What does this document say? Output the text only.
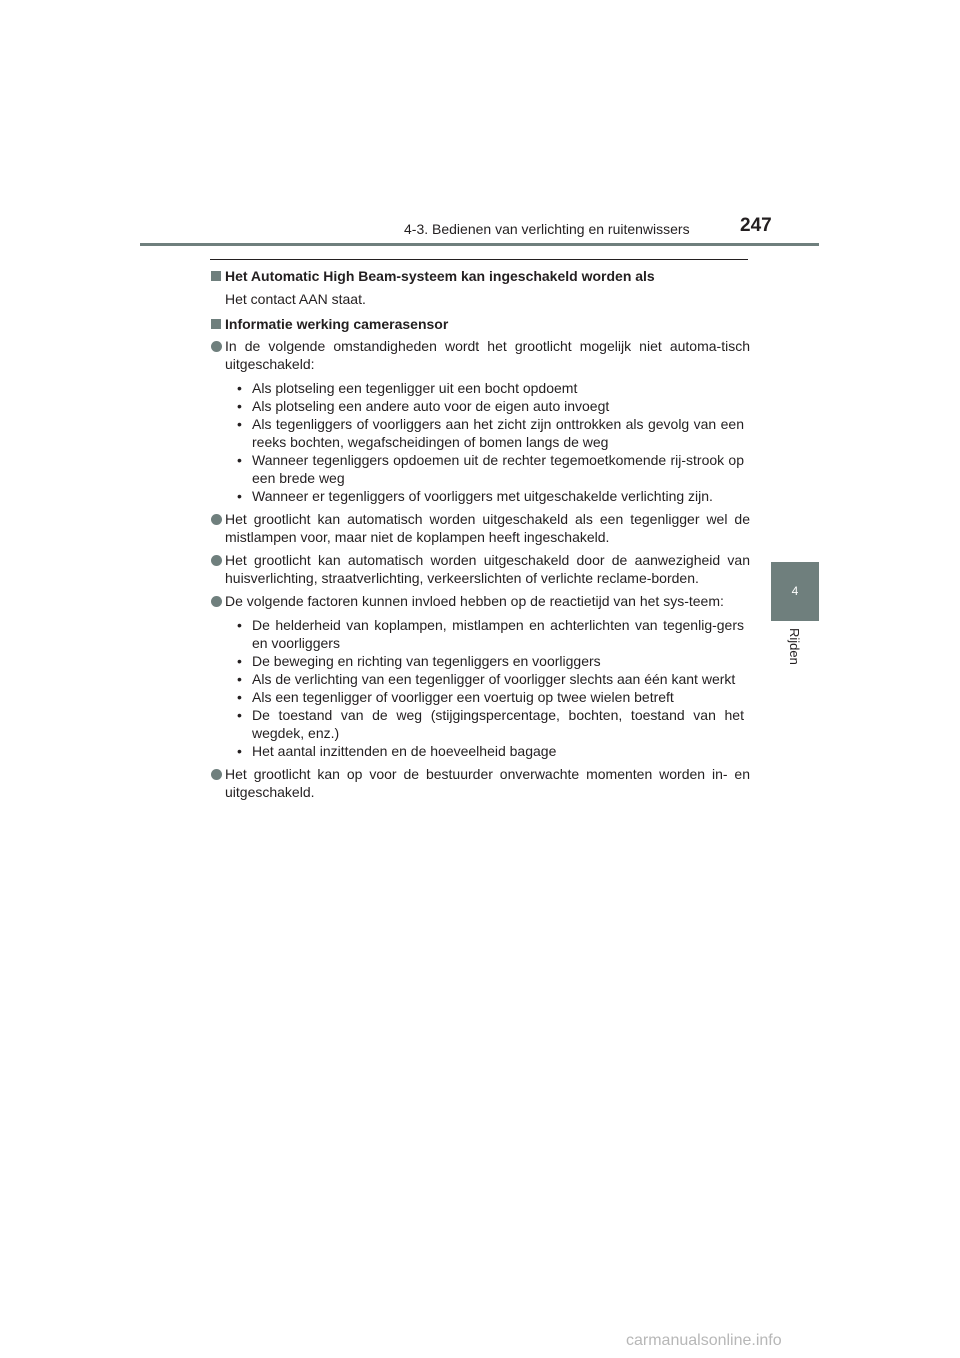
4-3. Bedienen van verlichting en ruitenwissers	247
4
Rijden

Het Automatic High Beam-systeem kan ingeschakeld worden als

Het contact AAN staat.

Informatie werking camerasensor

In de volgende omstandigheden wordt het grootlicht mogelijk niet automa-tisch uitgeschakeld:
• Als plotseling een tegenligger uit een bocht opdoemt
• Als plotseling een andere auto voor de eigen auto invoegt
• Als tegenliggers of voorliggers aan het zicht zijn onttrokken als gevolg van een reeks bochten, wegafscheidingen of bomen langs de weg
• Wanneer tegenliggers opdoemen uit de rechter tegemoetkomende rij-strook op een brede weg
• Wanneer er tegenliggers of voorliggers met uitgeschakelde verlichting zijn.
Het grootlicht kan automatisch worden uitgeschakeld als een tegenligger wel de mistlampen voor, maar niet de koplampen heeft ingeschakeld.
Het grootlicht kan automatisch worden uitgeschakeld door de aanwezigheid van huisverlichting, straatverlichting, verkeerslichten of verlichte reclame-borden.
De volgende factoren kunnen invloed hebben op de reactietijd van het sys-teem:
• De helderheid van koplampen, mistlampen en achterlichten van tegenlig-gers en voorliggers
• De beweging en richting van tegenliggers en voorliggers
• Als de verlichting van een tegenligger of voorligger slechts aan één kant werkt
• Als een tegenligger of voorligger een voertuig op twee wielen betreft
• De toestand van de weg (stijgingspercentage, bochten, toestand van het wegdek, enz.)
• Het aantal inzittenden en de hoeveelheid bagage
Het grootlicht kan op voor de bestuurder onverwachte momenten worden in- en uitgeschakeld.
carmanualsonline.info
